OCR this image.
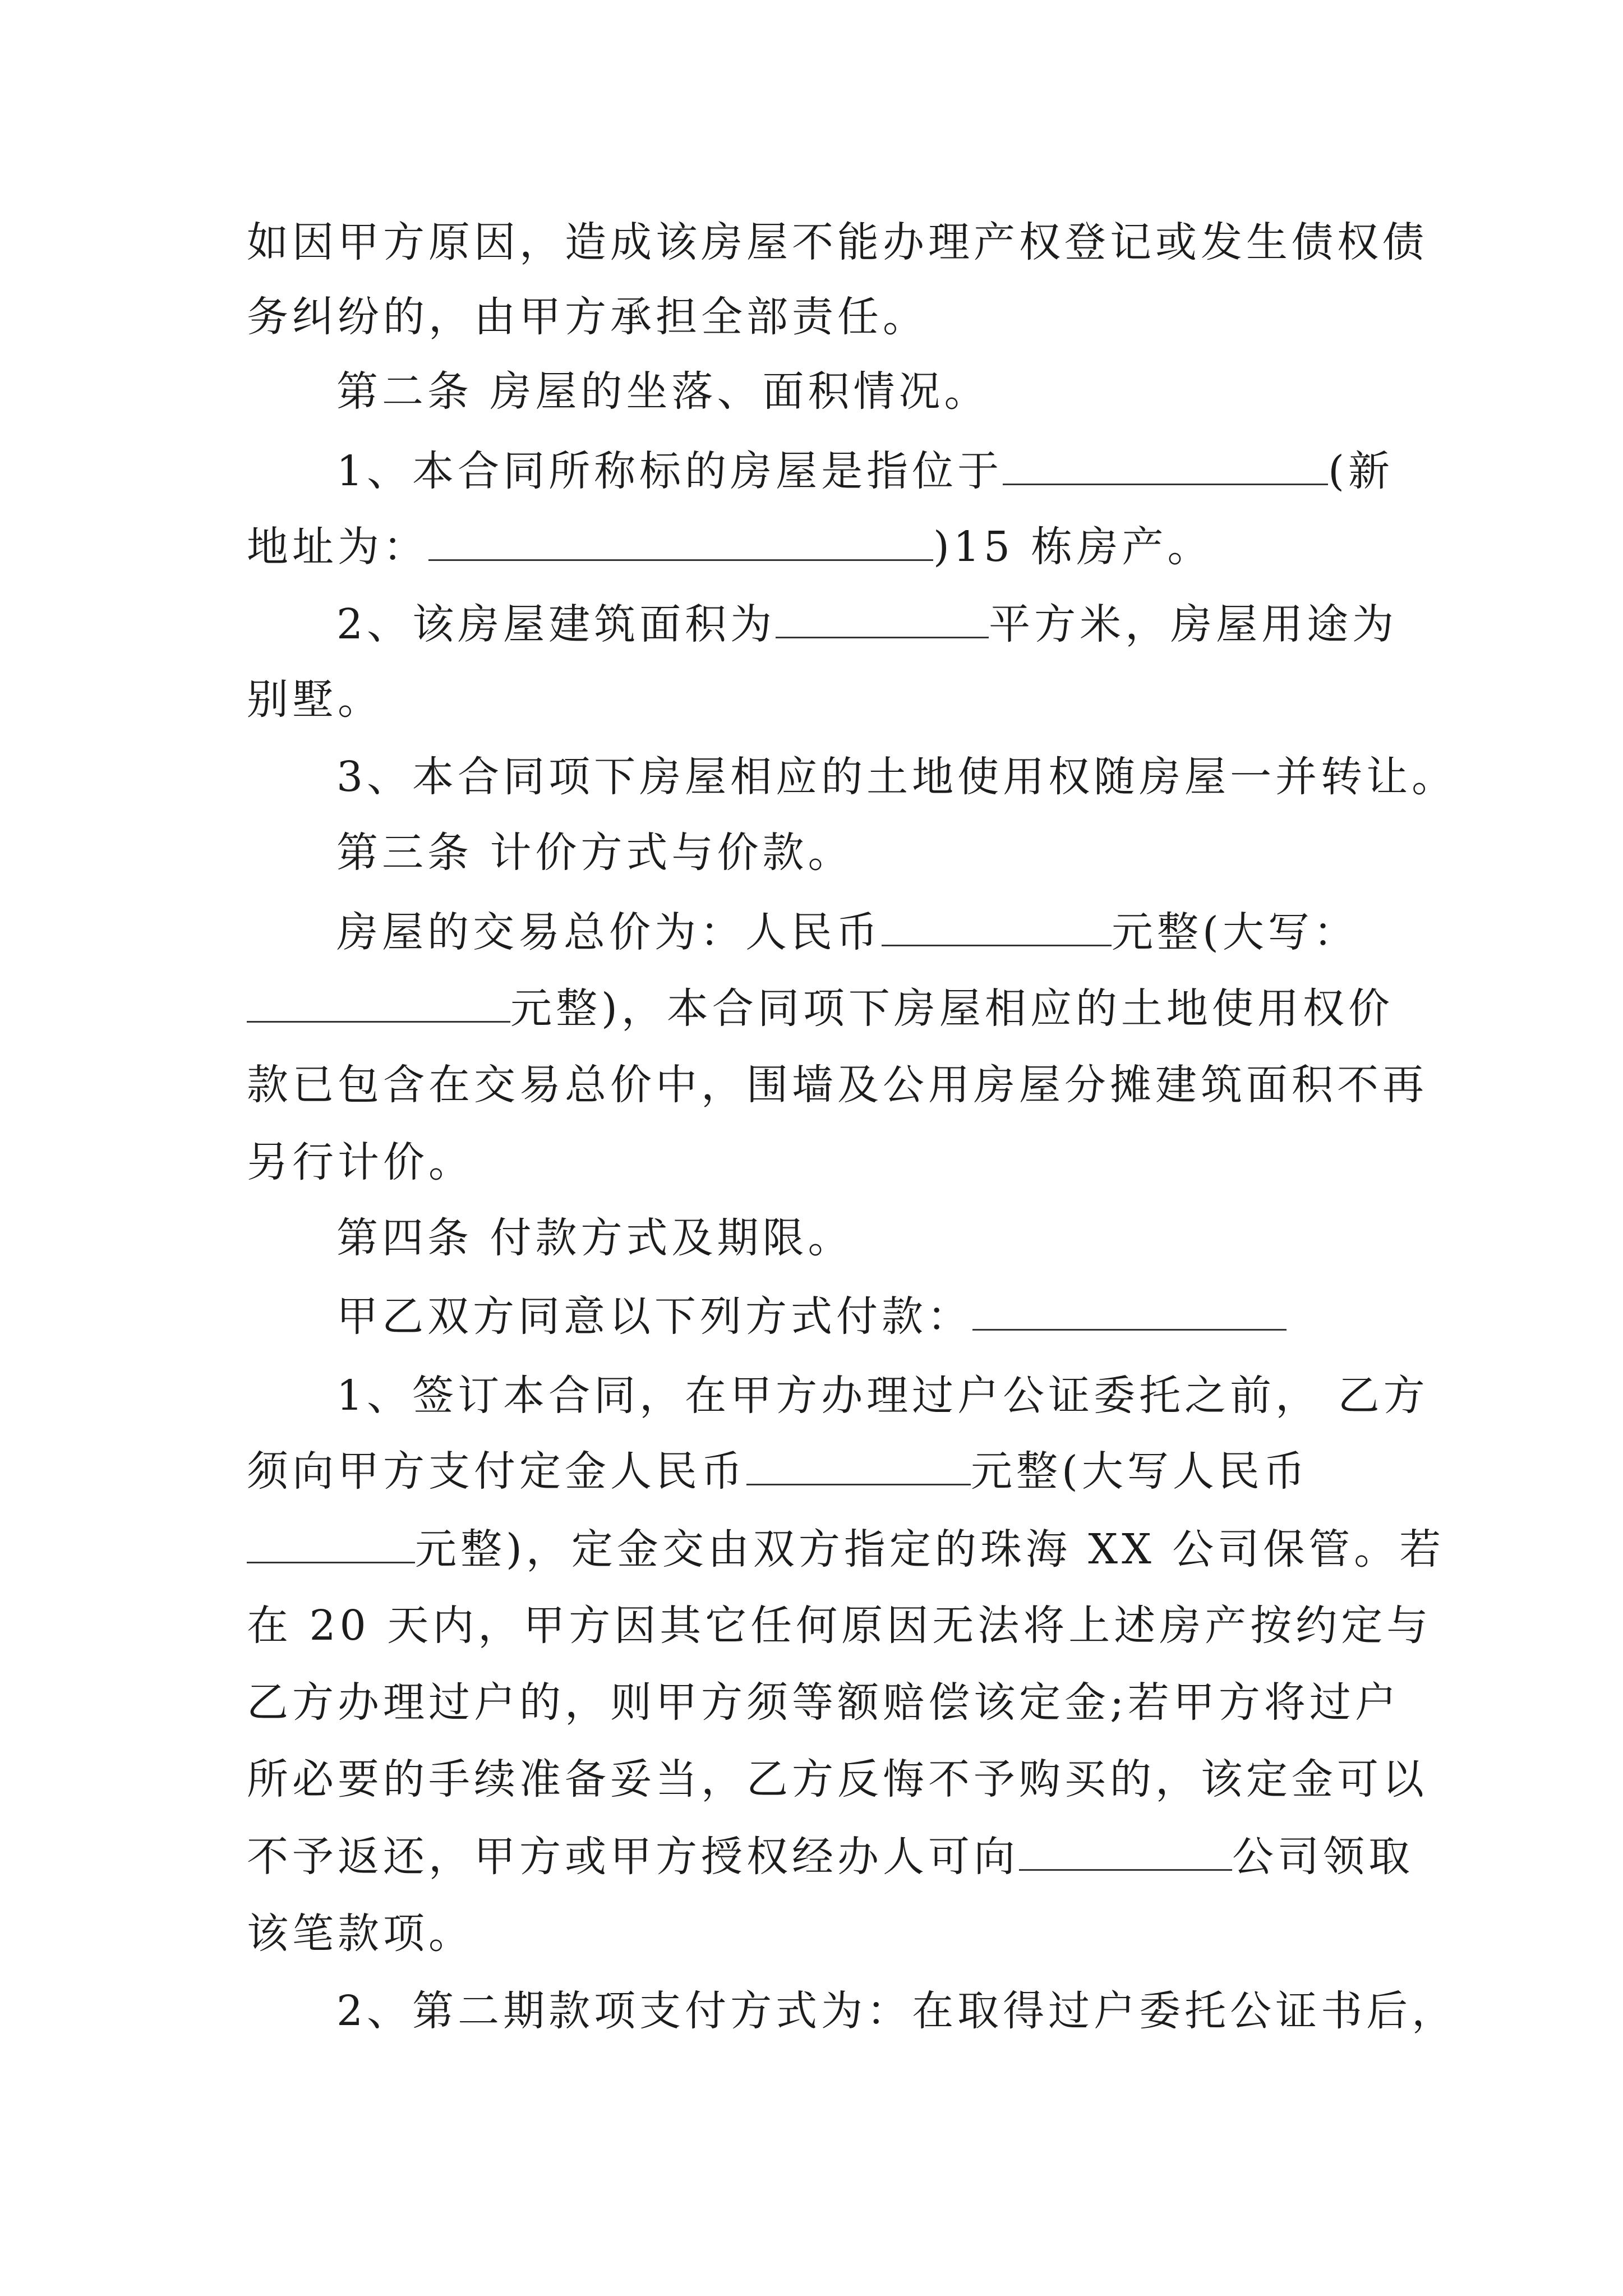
如因甲方原因，造成该房屋不能办理产权登记或发生债权债
务纠纷的，由甲方承担全部责任。
第二条 房屋的坐落、面积情况。
1、本合同所称标的房屋是指位于	(新
地址为：	)15 栋房产。
2、该房屋建筑面积为	平方米，房屋用途为
别墅。
3、本合同项下房屋相应的土地使用权随房屋一并转让。
第三条 计价方式与价款。
房屋的交易总价为：人民币	元整(大写：
元整)，本合同项下房屋相应的土地使用权价
款已包含在交易总价中，围墙及公用房屋分摊建筑面积不再
另行计价。
第四条 付款方式及期限。
甲乙双方同意以下列方式付款：
1、签订本合同，在甲方办理过户公证委托之前， 乙方
须向甲方支付定金人民币	元整(大写人民币
元整)，定金交由双方指定的珠海 XX 公司保管。若
在 20 天内，甲方因其它任何原因无法将上述房产按约定与
乙方办理过户的，则甲方须等额赔偿该定金;若甲方将过户
所必要的手续准备妥当，乙方反悔不予购买的，该定金可以
不予返还，甲方或甲方授权经办人可向	公司领取
该笔款项。
2、第二期款项支付方式为：在取得过户委托公证书后，
